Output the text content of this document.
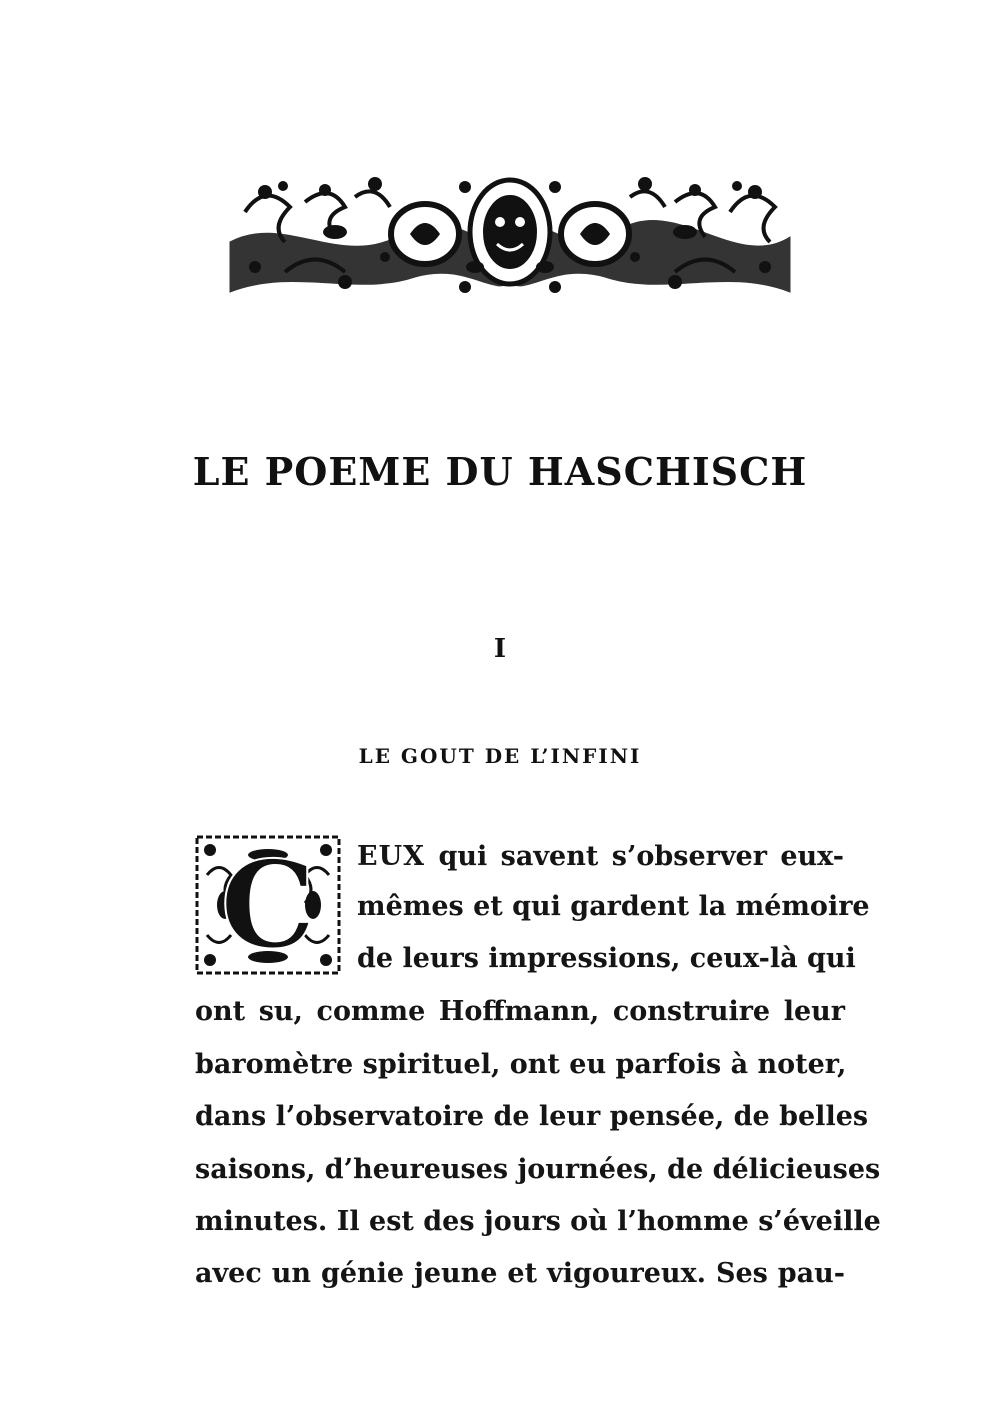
LE POEME DU HASCHISCH
I
LE GOUT DE L’INFINI
C EUX qui savent s’observer eux-
mêmes et qui gardent la mémoire
de leurs impressions, ceux-là qui
ont su, comme Hoffmann, construire leur
baromètre spirituel, ont eu parfois à noter,
dans l’observatoire de leur pensée, de belles
saisons, d’heureuses journées, de délicieuses
minutes. Il est des jours où l’homme s’éveille
avec un génie jeune et vigoureux. Ses pau-
